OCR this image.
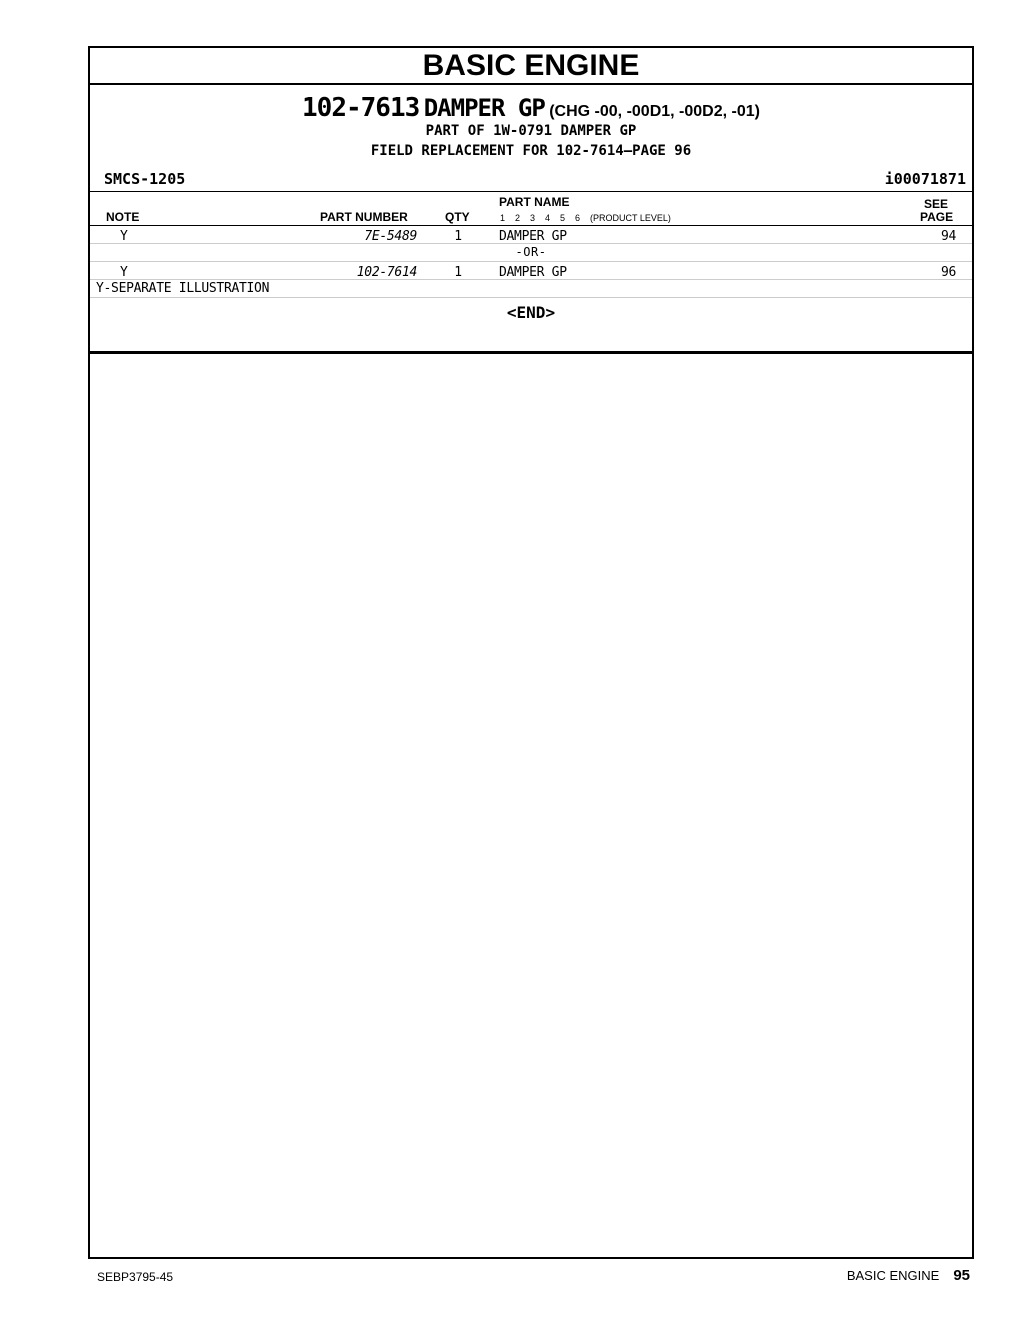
BASIC ENGINE
102-7613 DAMPER GP (CHG -00, -00D1, -00D2, -01)
PART OF 1W-0791 DAMPER GP
FIELD REPLACEMENT FOR 102-7614—PAGE 96
SMCS-1205	i00071871
NOTE	PART NUMBER	QTY
PART NAME
1    2    3    4    5    6    (PRODUCT LEVEL)
SEE
PAGE
Y	7E-5489	1	DAMPER GP	94
-OR-
Y	102-7614	1	DAMPER GP	96
Y-SEPARATE ILLUSTRATION
<END>
SEBP3795-45	BASIC ENGINE 95
